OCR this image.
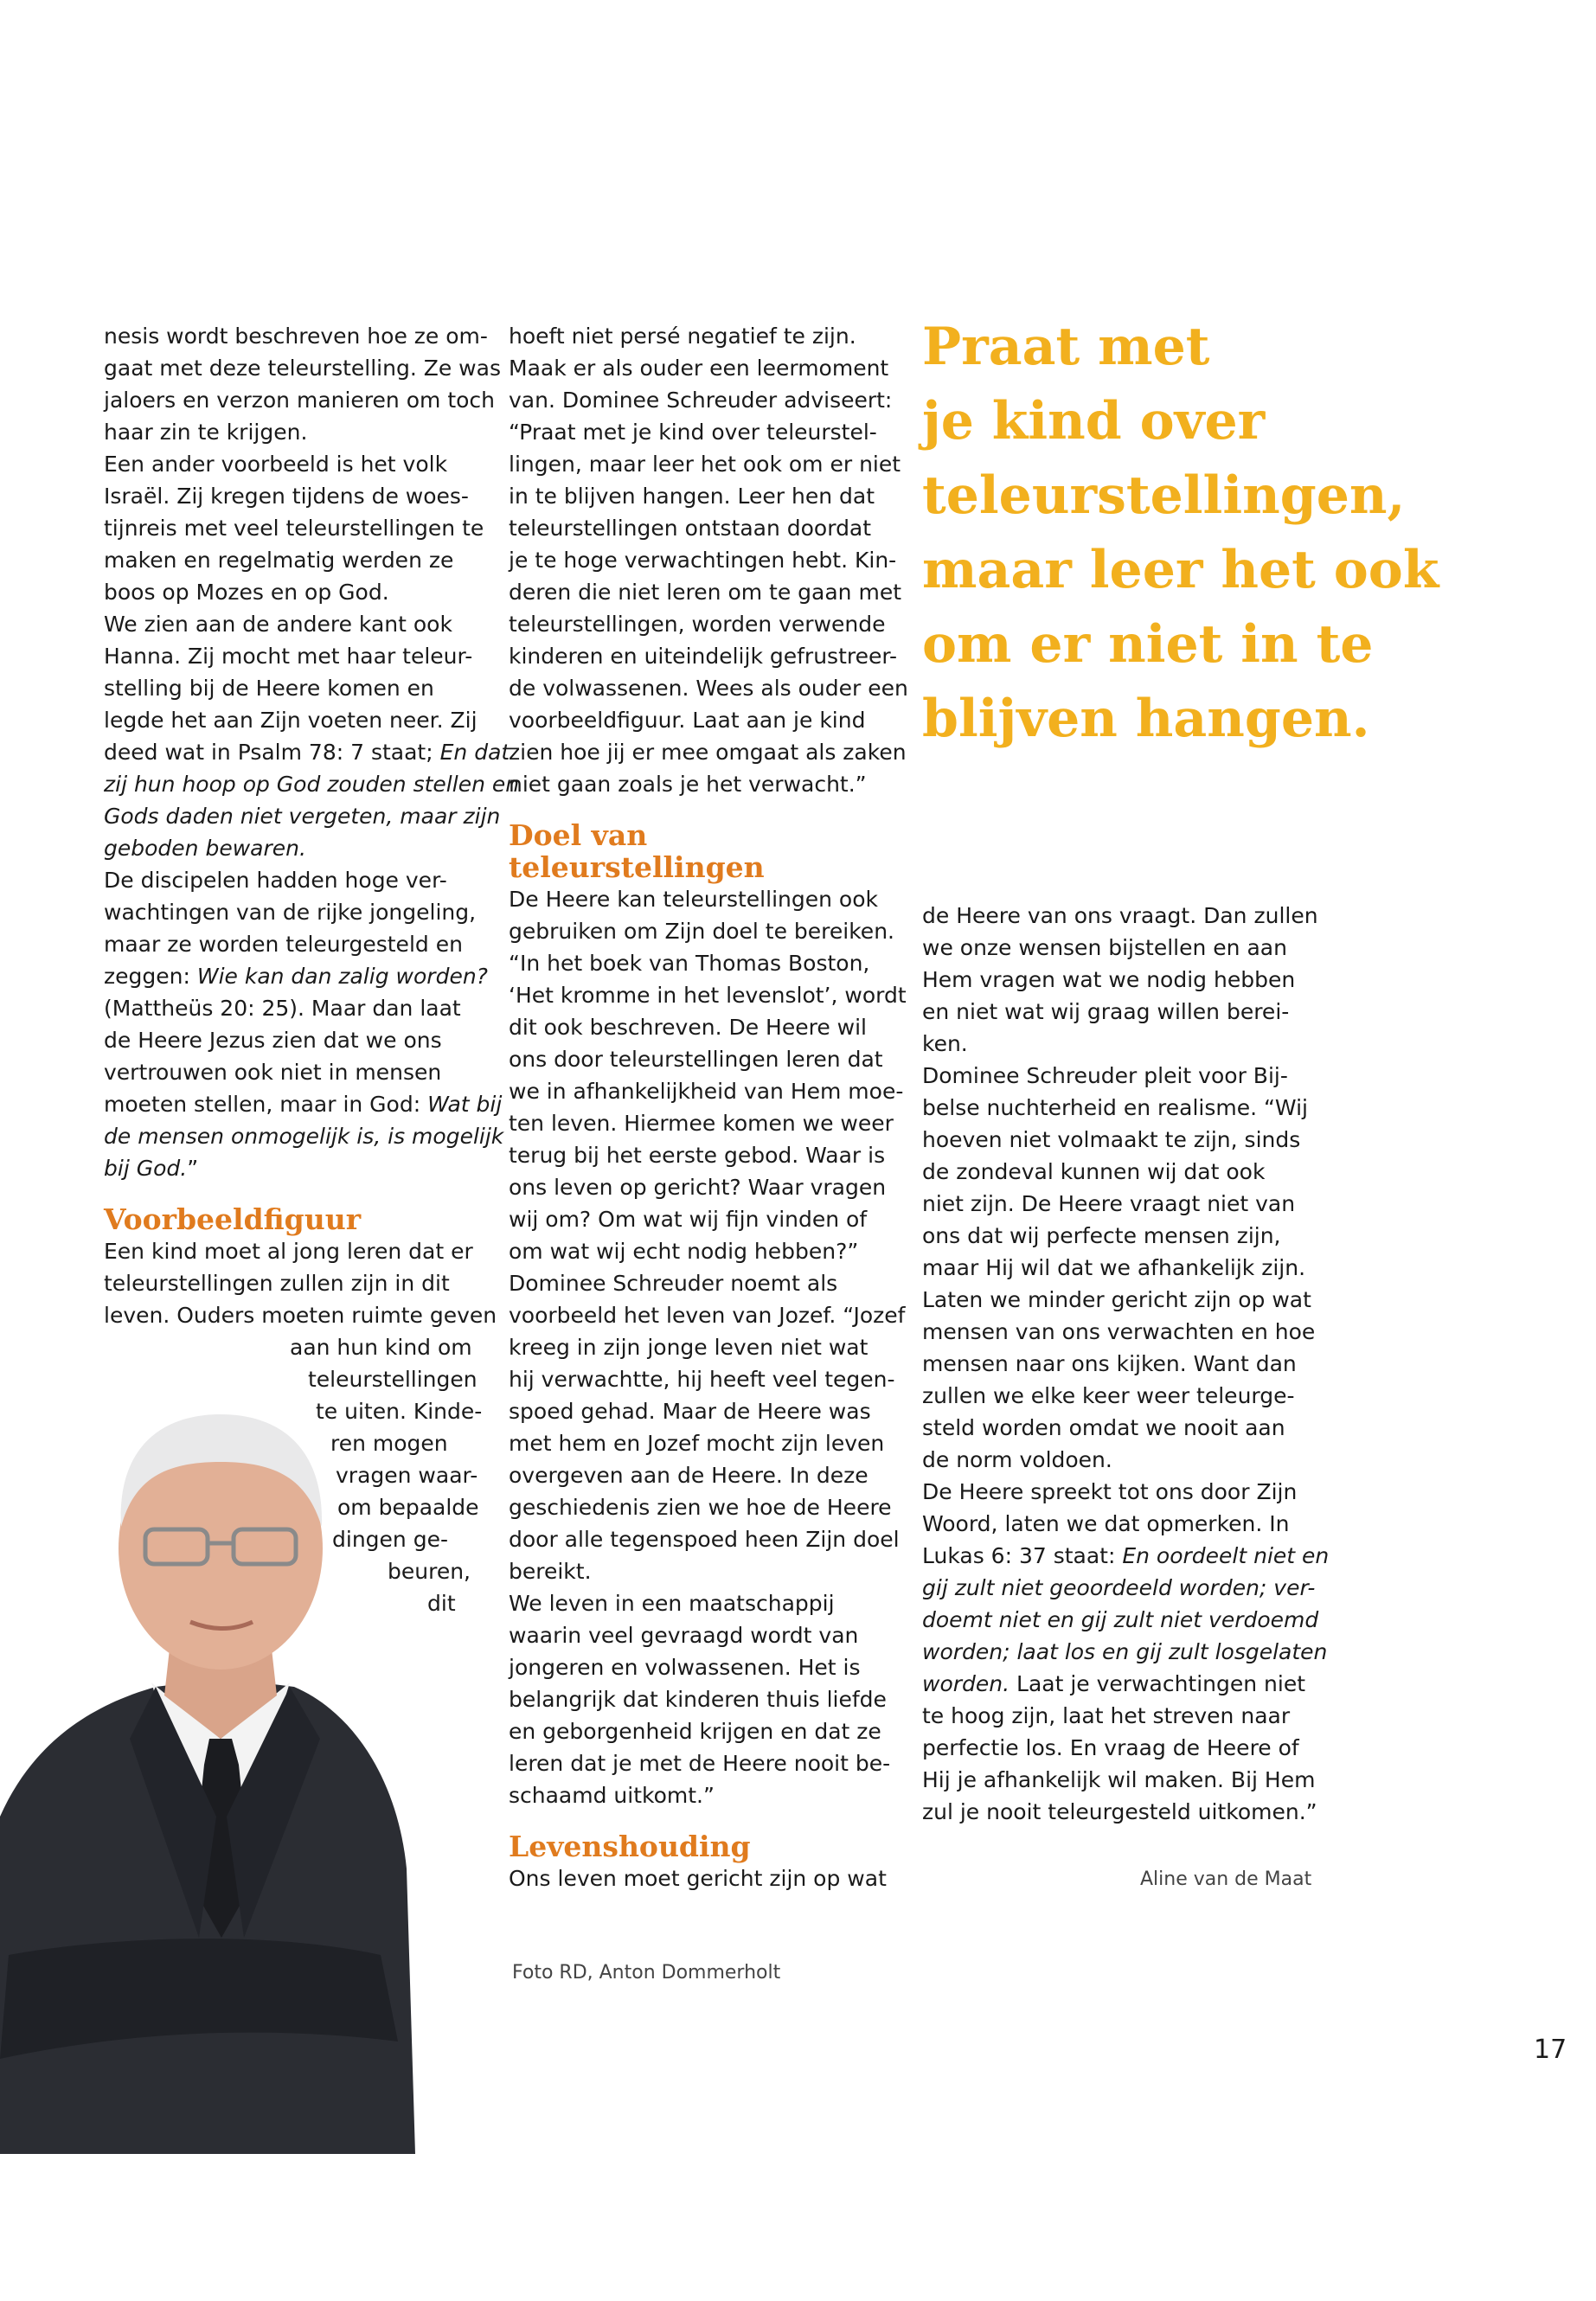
nesis wordt beschreven hoe ze om-
gaat met deze teleurstelling. Ze was
jaloers en verzon manieren om toch
haar zin te krijgen.
Een ander voorbeeld is het volk
Israël. Zij kregen tijdens de woes-
tijnreis met veel teleurstellingen te
maken en regelmatig werden ze
boos op Mozes en op God.
We zien aan de andere kant ook
Hanna. Zij mocht met haar teleur-
stelling bij de Heere komen en
legde het aan Zijn voeten neer. Zij
deed wat in Psalm 78: 7 staat; En dat
zij hun hoop op God zouden stellen en
Gods daden niet vergeten, maar zijn
geboden bewaren.
De discipelen hadden hoge ver-
wachtingen van de rijke jongeling,
maar ze worden teleurgesteld en
zeggen: Wie kan dan zalig worden?
(Mattheüs 20: 25). Maar dan laat
de Heere Jezus zien dat we ons
vertrouwen ook niet in mensen
moeten stellen, maar in God: Wat bij
de mensen onmogelijk is, is mogelijk
bij God.”

Voorbeeldfiguur

Een kind moet al jong leren dat er
teleurstellingen zullen zijn in dit
leven. Ouders moeten ruimte geven
aan hun kind om
teleurstellingen
te uiten. Kinde-
ren mogen
vragen waar-
om bepaalde
dingen ge-
beuren,
dit

hoeft niet persé negatief te zijn.
Maak er als ouder een leermoment
van. Dominee Schreuder adviseert:
“Praat met je kind over teleurstel-
lingen, maar leer het ook om er niet
in te blijven hangen. Leer hen dat
teleurstellingen ontstaan doordat
je te hoge verwachtingen hebt. Kin-
deren die niet leren om te gaan met
teleurstellingen, worden verwende
kinderen en uiteindelijk gefrustreer-
de volwassenen. Wees als ouder een
voorbeeldfiguur. Laat aan je kind
zien hoe jij er mee omgaat als zaken
niet gaan zoals je het verwacht.”

Doel van
teleurstellingen

De Heere kan teleurstellingen ook
gebruiken om Zijn doel te bereiken.
“In het boek van Thomas Boston,
‘Het kromme in het levenslot’, wordt
dit ook beschreven. De Heere wil
ons door teleurstellingen leren dat
we in afhankelijkheid van Hem moe-
ten leven. Hiermee komen we weer
terug bij het eerste gebod. Waar is
ons leven op gericht? Waar vragen
wij om? Om wat wij fijn vinden of
om wat wij echt nodig hebben?”
Dominee Schreuder noemt als
voorbeeld het leven van Jozef. “Jozef
kreeg in zijn jonge leven niet wat
hij verwachtte, hij heeft veel tegen-
spoed gehad. Maar de Heere was
met hem en Jozef mocht zijn leven
overgeven aan de Heere. In deze
geschiedenis zien we hoe de Heere
door alle tegenspoed heen Zijn doel
bereikt.
We leven in een maatschappij
waarin veel gevraagd wordt van
jongeren en volwassenen. Het is
belangrijk dat kinderen thuis liefde
en geborgenheid krijgen en dat ze
leren dat je met de Heere nooit be-
schaamd uitkomt.”

Levenshouding

Ons leven moet gericht zijn op wat

Praat met
je kind over
teleurstellingen,
maar leer het ook
om er niet in te
blijven hangen.

de Heere van ons vraagt. Dan zullen
we onze wensen bijstellen en aan
Hem vragen wat we nodig hebben
en niet wat wij graag willen berei-
ken.
Dominee Schreuder pleit voor Bij-
belse nuchterheid en realisme. “Wij
hoeven niet volmaakt te zijn, sinds
de zondeval kunnen wij dat ook
niet zijn. De Heere vraagt niet van
ons dat wij perfecte mensen zijn,
maar Hij wil dat we afhankelijk zijn.
Laten we minder gericht zijn op wat
mensen van ons verwachten en hoe
mensen naar ons kijken. Want dan
zullen we elke keer weer teleurge-
steld worden omdat we nooit aan
de norm voldoen.
De Heere spreekt tot ons door Zijn
Woord, laten we dat opmerken. In
Lukas 6: 37 staat: En oordeelt niet en
gij zult niet geoordeeld worden; ver-
doemt niet en gij zult niet verdoemd
worden; laat los en gij zult losgelaten
worden. Laat je verwachtingen niet
te hoog zijn, laat het streven naar
perfectie los. En vraag de Heere of
Hij je afhankelijk wil maken. Bij Hem
zul je nooit teleurgesteld uitkomen.”

Aline van de Maat
Foto RD, Anton Dommerholt
17
